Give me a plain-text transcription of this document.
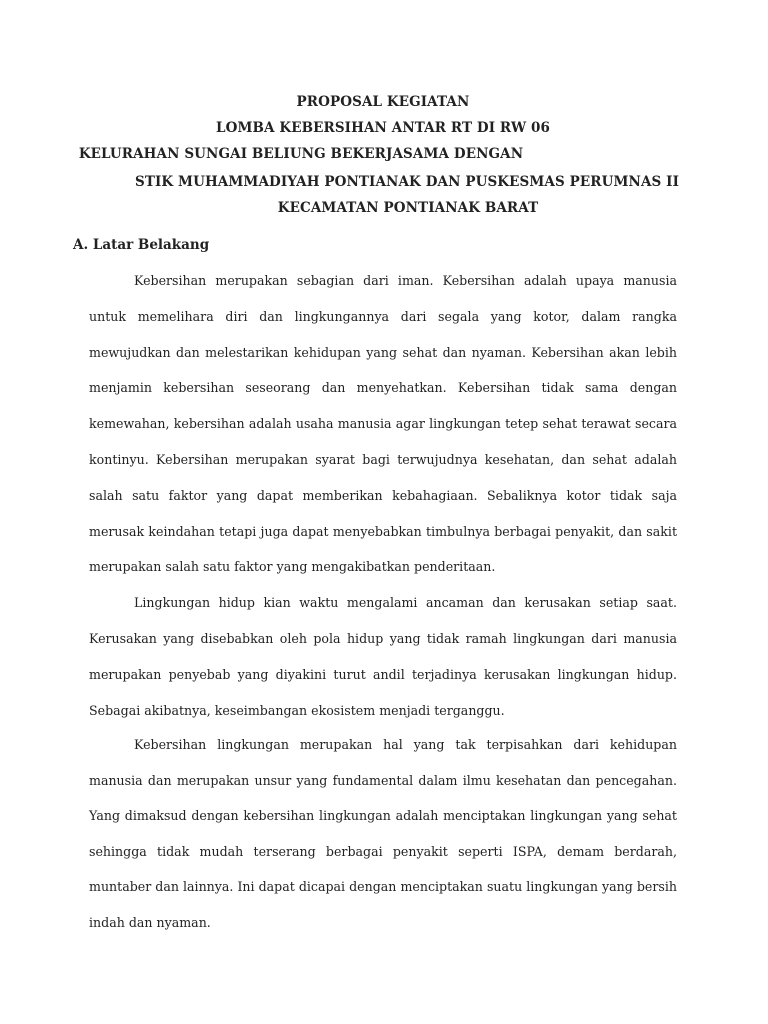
PROPOSAL KEGIATAN
LOMBA KEBERSIHAN ANTAR RT DI RW 06
KELURAHAN SUNGAI BELIUNG BEKERJASAMA DENGAN
STIK MUHAMMADIYAH PONTIANAK DAN PUSKESMAS PERUMNAS II
KECAMATAN PONTIANAK BARAT
A. Latar Belakang

Kebersihan merupakan sebagian dari iman. Kebersihan adalah upaya manusia untuk memelihara diri dan lingkungannya dari segala yang kotor, dalam rangka mewujudkan dan melestarikan kehidupan yang sehat dan nyaman. Kebersihan akan lebih menjamin kebersihan seseorang dan menyehatkan. Kebersihan tidak sama dengan kemewahan, kebersihan adalah usaha manusia agar lingkungan tetep sehat terawat secara kontinyu. Kebersihan merupakan syarat bagi terwujudnya kesehatan, dan sehat adalah salah satu faktor yang dapat memberikan kebahagiaan. Sebaliknya kotor tidak saja merusak keindahan tetapi juga dapat menyebabkan timbulnya berbagai penyakit, dan sakit merupakan salah satu faktor yang mengakibatkan penderitaan.

Lingkungan hidup kian waktu mengalami ancaman dan kerusakan setiap saat. Kerusakan yang disebabkan oleh pola hidup yang tidak ramah lingkungan dari manusia merupakan penyebab yang diyakini turut andil terjadinya kerusakan lingkungan hidup. Sebagai akibatnya, keseimbangan ekosistem menjadi terganggu.

Kebersihan lingkungan merupakan hal yang tak terpisahkan dari kehidupan manusia dan merupakan unsur yang fundamental dalam ilmu kesehatan dan pencegahan. Yang dimaksud dengan kebersihan lingkungan adalah menciptakan lingkungan yang sehat sehingga tidak mudah terserang berbagai penyakit seperti ISPA, demam berdarah, muntaber dan lainnya. Ini dapat dicapai dengan menciptakan suatu lingkungan yang bersih indah dan nyaman.
